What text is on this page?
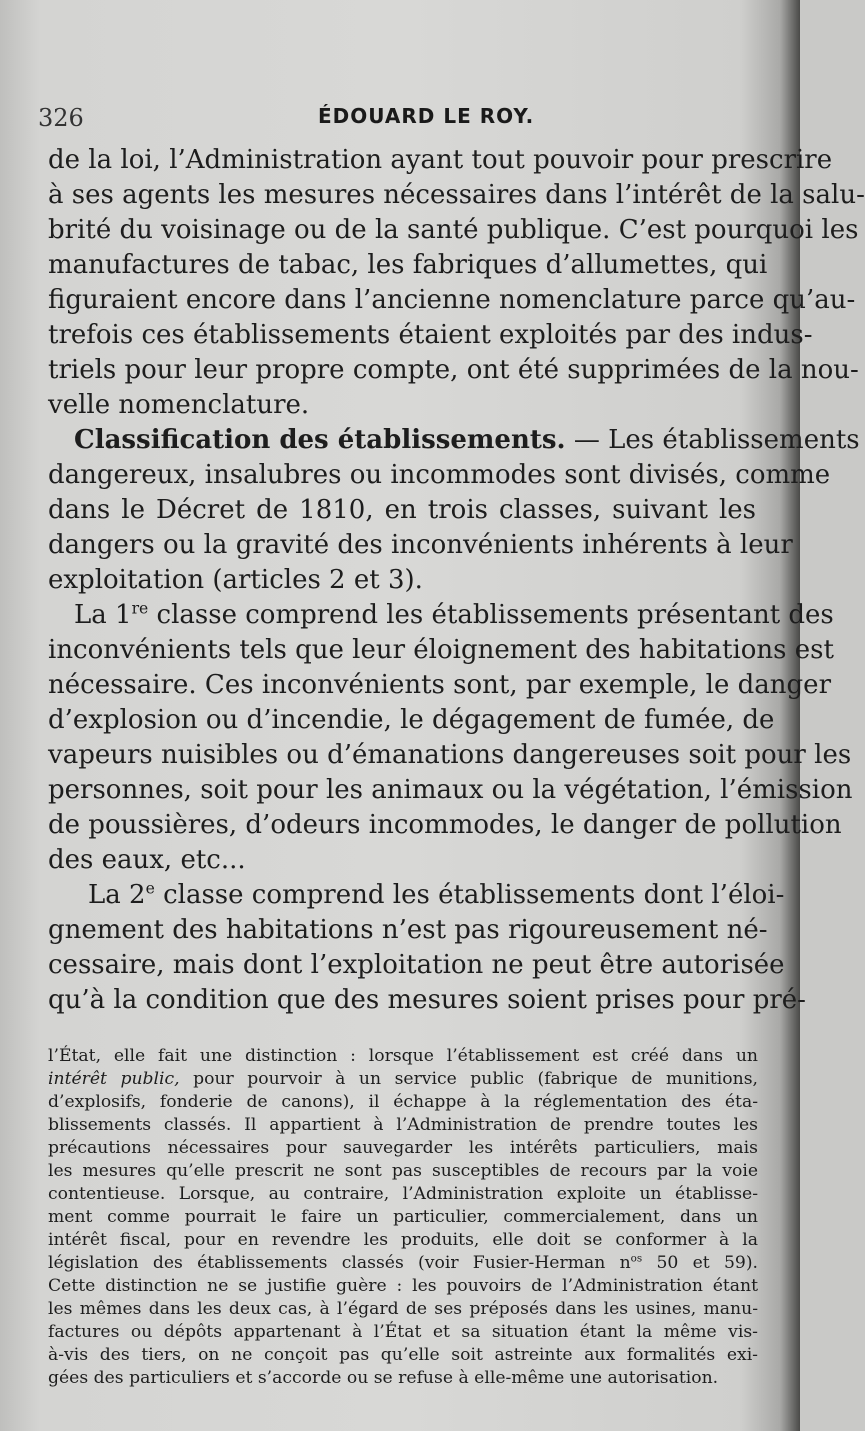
326	ÉDOUARD LE ROY.
de la loi, l’Administration ayant tout pouvoir pour prescrire
à ses agents les mesures nécessaires dans l’intérêt de la salu-
brité du voisinage ou de la santé publique. C’est pourquoi les
manufactures de tabac, les fabriques d’allumettes, qui
figuraient encore dans l’ancienne nomenclature parce qu’au-
trefois ces établissements étaient exploités par des indus-
triels pour leur propre compte, ont été supprimées de la nou-
velle nomenclature.
Classification des établissements. — Les établissements
dangereux, insalubres ou incommodes sont divisés, comme
dans le Décret de 1810, en trois classes, suivant les
dangers ou la gravité des inconvénients inhérents à leur
exploitation (articles 2 et 3).
La 1re classe comprend les établissements présentant des
inconvénients tels que leur éloignement des habitations est
nécessaire. Ces inconvénients sont, par exemple, le danger
d’explosion ou d’incendie, le dégagement de fumée, de
vapeurs nuisibles ou d’émanations dangereuses soit pour les
personnes, soit pour les animaux ou la végétation, l’émission
de poussières, d’odeurs incommodes, le danger de pollution
des eaux, etc...
La 2e classe comprend les établissements dont l’éloi-
gnement des habitations n’est pas rigoureusement né-
cessaire, mais dont l’exploitation ne peut être autorisée
qu’à la condition que des mesures soient prises pour pré-
l’État, elle fait une distinction : lorsque l’établissement est créé dans un
intérêt public, pour pourvoir à un service public (fabrique de munitions,
d’explosifs, fonderie de canons), il échappe à la réglementation des éta-
blissements classés. Il appartient à l’Administration de prendre toutes les
précautions nécessaires pour sauvegarder les intérêts particuliers, mais
les mesures qu’elle prescrit ne sont pas susceptibles de recours par la voie
contentieuse. Lorsque, au contraire, l’Administration exploite un établisse-
ment comme pourrait le faire un particulier, commercialement, dans un
intérêt fiscal, pour en revendre les produits, elle doit se conformer à la
législation des établissements classés (voir Fusier-Herman $n^{os}$ 50 et 59).
Cette distinction ne se justifie guère : les pouvoirs de l’Administration étant
les mêmes dans les deux cas, à l’égard de ses préposés dans les usines, manu-
factures ou dépôts appartenant à l’État et sa situation étant la même vis-
à-vis des tiers, on ne conçoit pas qu’elle soit astreinte aux formalités exi-
gées des particuliers et s’accorde ou se refuse à elle-même une autorisation.
